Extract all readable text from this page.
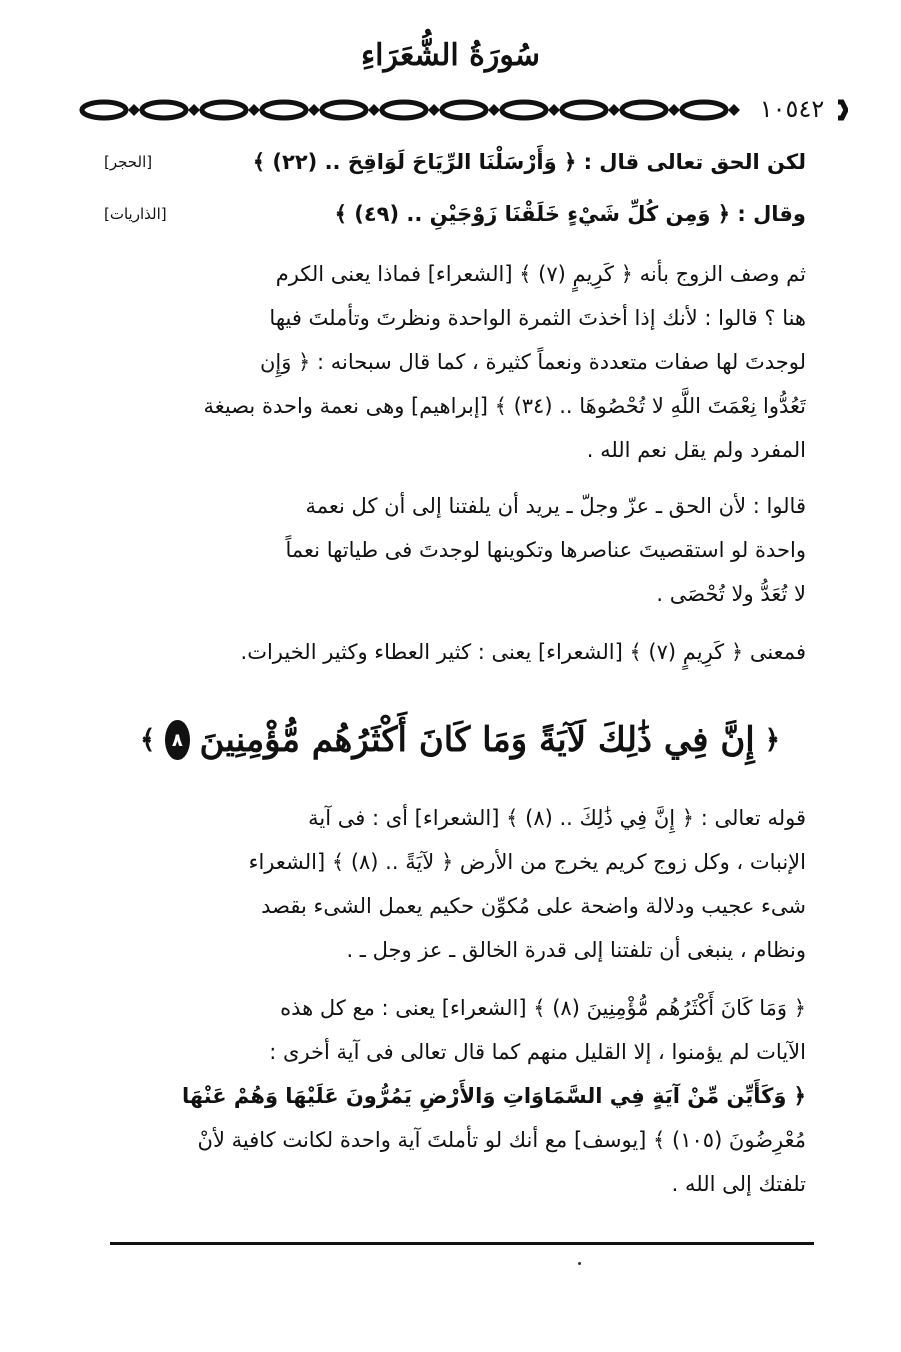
سُورَةُ الشُّعَرَاءِ
١٠٥٤٢
لكن الحق تعالى قال : ﴿ وَأَرْسَلْنَا الرِّيَاحَ لَوَاقِحَ .. (٢٢) ﴾
[الحجر]
وقال : ﴿ وَمِن كُلِّ شَيْءٍ خَلَقْنَا زَوْجَيْنِ .. (٤٩) ﴾
[الذاريات]
ثم وصف الزوج بأنه ﴿ كَرِيمٍ (٧) ﴾ [الشعراء] فماذا يعنى الكرم
هنا ؟ قالوا : لأنك إذا أخذتَ الثمرة الواحدة ونظرتَ وتأملتَ فيها
لوجدتَ لها صفات متعددة ونعماً كثيرة ، كما قال سبحانه : ﴿ وَإِن
تَعُدُّوا نِعْمَتَ اللَّهِ لا تُحْصُوهَا .. (٣٤) ﴾ [إبراهيم] وهى نعمة واحدة بصيغة
المفرد ولم يقل نعم الله .
قالوا : لأن الحق ـ عزّ وجلّ ـ يريد أن يلفتنا إلى أن كل نعمة
واحدة لو استقصيتَ عناصرها وتكوينها لوجدتَ فى طياتها نعماً
لا تُعَدُّ ولا تُحْصَى .
فمعنى ﴿ كَرِيمٍ (٧) ﴾ [الشعراء] يعنى : كثير العطاء وكثير الخيرات.
﴿
إِنَّ فِي ذَٰلِكَ لَآيَةً وَمَا كَانَ أَكْثَرُهُم مُّؤْمِنِينَ
٨
﴾
قوله تعالى : ﴿ إِنَّ فِي ذَٰلِكَ .. (٨) ﴾ [الشعراء] أى : فى آية
الإنبات ، وكل زوج كريم يخرج من الأرض ﴿ لآيَةً .. (٨) ﴾ [الشعراء
شىء عجيب ودلالة واضحة على مُكوِّن حكيم يعمل الشىء بقصد
ونظام ، ينبغى أن تلفتنا إلى قدرة الخالق ـ عز وجل ـ .
﴿ وَمَا كَانَ أَكْثَرُهُم مُّؤْمِنِينَ (٨) ﴾ [الشعراء] يعنى : مع كل هذه
الآيات لم يؤمنوا ، إلا القليل منهم كما قال تعالى فى آية أخرى :
﴿ وَكَأَيِّن مِّنْ آيَةٍ فِي السَّمَاوَاتِ وَالأَرْضِ يَمُرُّونَ عَلَيْهَا وَهُمْ عَنْهَا
مُعْرِضُونَ (١٠٥) ﴾ [يوسف] مع أنك لو تأملتَ آية واحدة لكانت كافية لأنْ
تلفتك إلى الله .
